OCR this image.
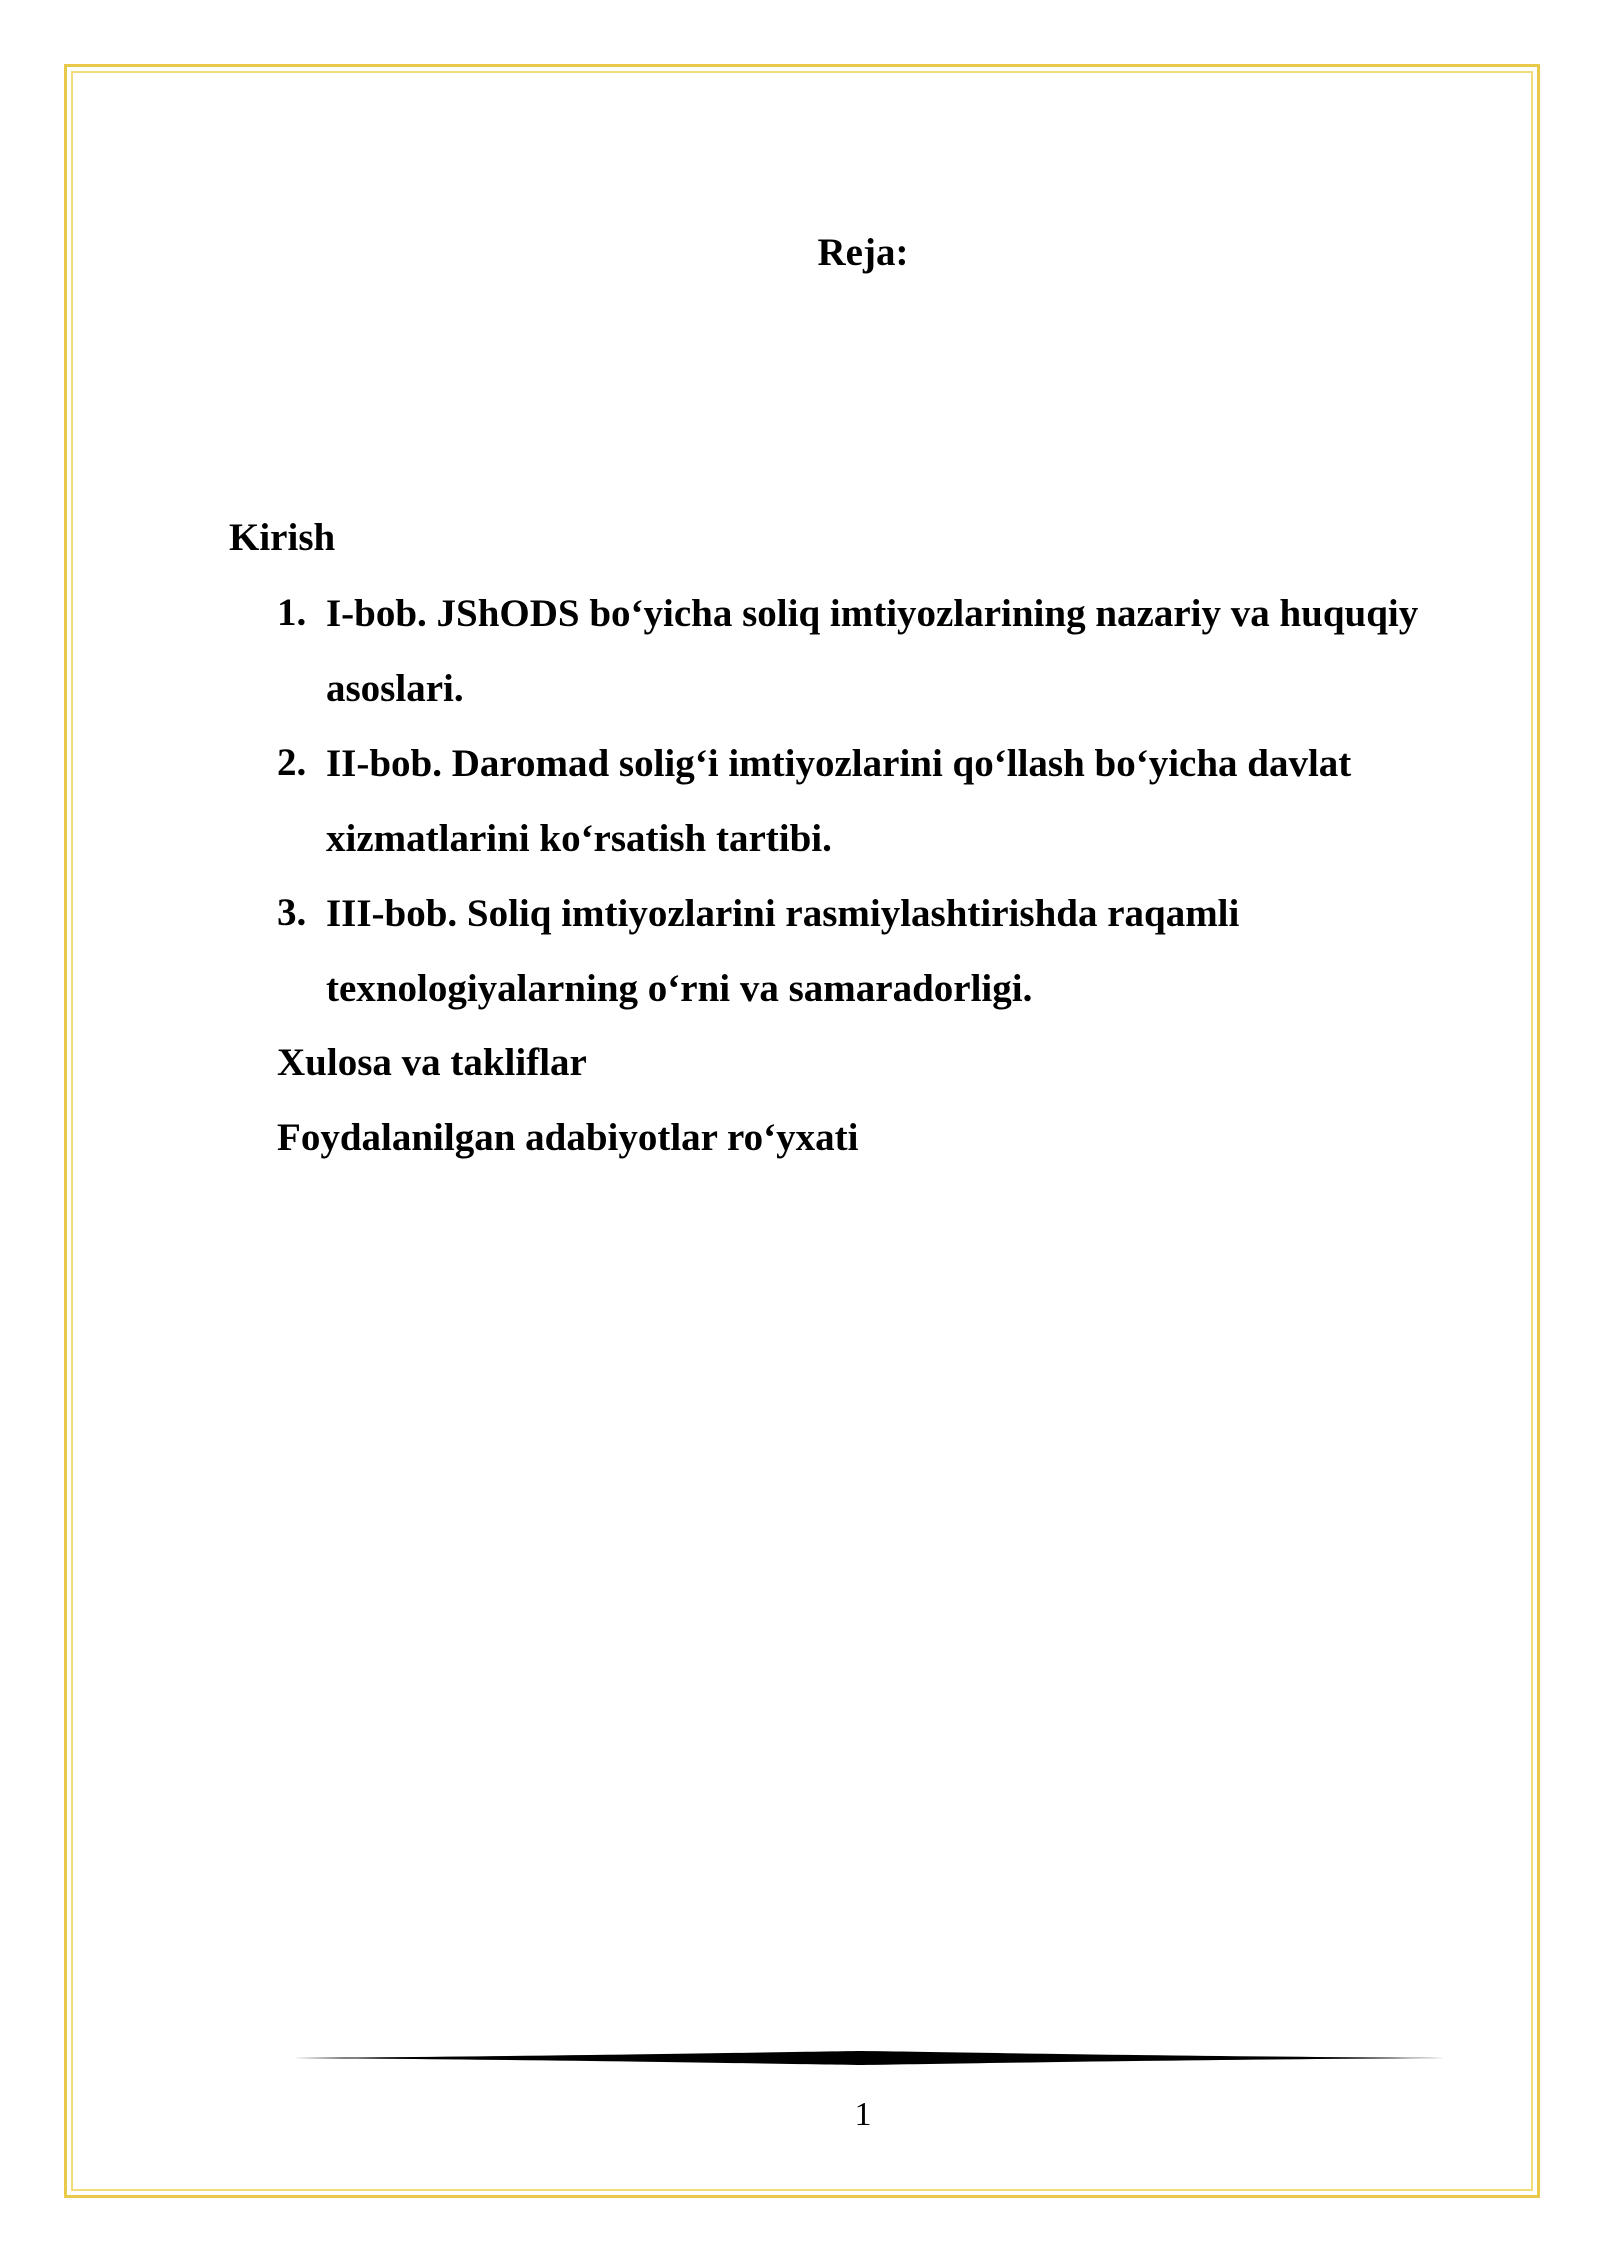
Reja:
Kirish
1. I-bob. JShODS bo‘yicha soliq imtiyozlarining nazariy va huquqiy asoslari.
2. II-bob. Daromad solig‘i imtiyozlarini qo‘llash bo‘yicha davlat xizmatlarini ko‘rsatish tartibi.
3. III-bob. Soliq imtiyozlarini rasmiylashtirishda raqamli texnologiyalarning o‘rni va samaradorligi.
Xulosa va takliflar
Foydalanilgan adabiyotlar ro‘yxati
1
